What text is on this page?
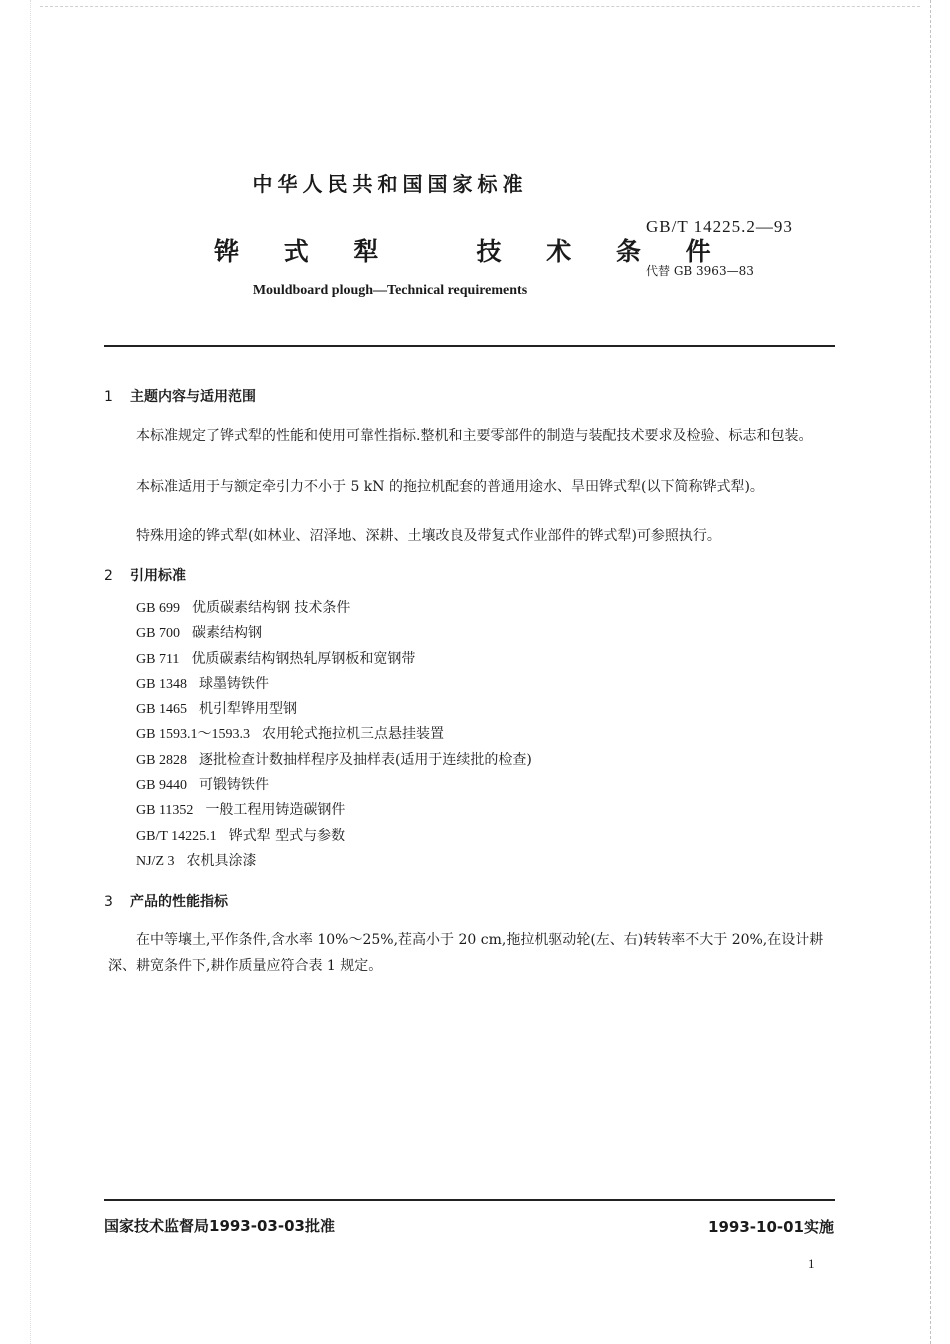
中华人民共和国国家标准
铧 式 犁   技 术 条 件
Mouldboard plough—Technical requirements
GB/T 14225.2—93
代替 GB 3963—83
1 主题内容与适用范围
本标准规定了铧式犁的性能和使用可靠性指标.整机和主要零部件的制造与装配技术要求及检验、标志和包装。
本标准适用于与额定牵引力不小于 5 kN 的拖拉机配套的普通用途水、旱田铧式犁(以下简称铧式犁)。
特殊用途的铧式犁(如林业、沼泽地、深耕、土壤改良及带复式作业部件的铧式犁)可参照执行。
2 引用标准
GB 699 优质碳素结构钢 技术条件
GB 700 碳素结构钢
GB 711 优质碳素结构钢热轧厚钢板和宽钢带
GB 1348 球墨铸铁件
GB 1465 机引犁铧用型钢
GB 1593.1～1593.3 农用轮式拖拉机三点悬挂装置
GB 2828 逐批检查计数抽样程序及抽样表(适用于连续批的检查)
GB 9440 可锻铸铁件
GB 11352 一般工程用铸造碳钢件
GB/T 14225.1 铧式犁 型式与参数
NJ/Z 3 农机具涂漆
3 产品的性能指标
在中等壤土,平作条件,含水率 10%～25%,茬高小于 20 cm,拖拉机驱动轮(左、右)转转率不大于 20%,在设计耕深、耕宽条件下,耕作质量应符合表 1 规定。
国家技术监督局1993-03-03批准	1993-10-01实施
1
